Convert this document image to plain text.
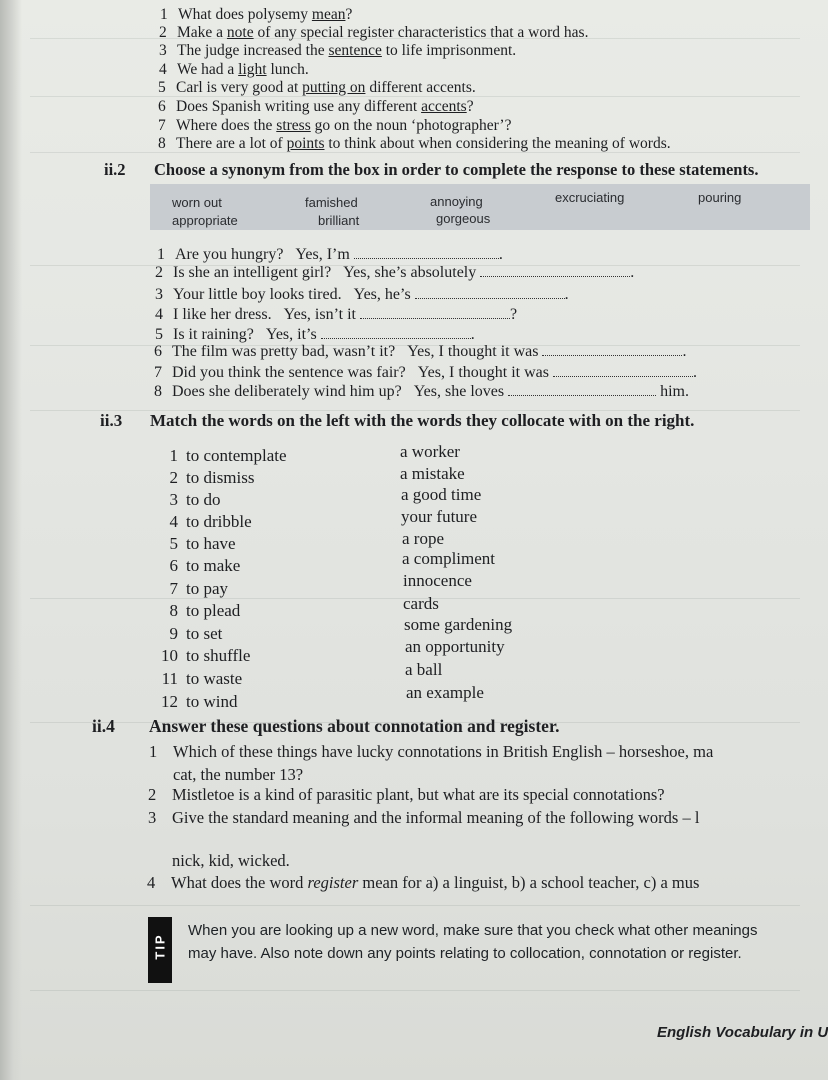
1 What does polysemy mean?
2 Make a note of any special register characteristics that a word has.
3 The judge increased the sentence to life imprisonment.
4 We had a light lunch.
5 Carl is very good at putting on different accents.
6 Does Spanish writing use any different accents?
7 Where does the stress go on the noun ‘photographer’?
8 There are a lot of points to think about when considering the meaning of words.
ii.2 Choose a synonym from the box in order to complete the response to these statements.
worn out
appropriate
famished
brilliant
annoying
gorgeous
excruciating	pouring
1 Are you hungry? Yes, I’m	.
2 Is she an intelligent girl? Yes, she’s absolutely	.
3 Your little boy looks tired. Yes, he’s	.
4 I like her dress. Yes, isn’t it	?
5 Is it raining? Yes, it’s	.
6 The film was pretty bad, wasn’t it? Yes, I thought it was	.
7 Did you think the sentence was fair? Yes, I thought it was	.
8 Does she deliberately wind him up? Yes, she loves	him.
ii.3 Match the words on the left with the words they collocate with on the right.
1 to contemplate
2 to dismiss
3 to do
4 to dribble
5 to have
6 to make
7 to pay
8 to plead
9 to set
10 to shuffle
11 to waste
12 to wind
a worker
a mistake
a good time
your future
a rope
a compliment
innocence
cards
some gardening
an opportunity
a ball
an example
ii.4 Answer these questions about connotation and register.
1 Which of these things have lucky connotations in British English – horseshoe, ma
cat, the number 13?
2 Mistletoe is a kind of parasitic plant, but what are its special connotations?
3 Give the standard meaning and the informal meaning of the following words – l
nick, kid, wicked.
4 What does the word register mean for a) a linguist, b) a school teacher, c) a mus
TIP
When you are looking up a new word, make sure that you check what other meanings
may have. Also note down any points relating to collocation, connotation or register.
English Vocabulary in U
